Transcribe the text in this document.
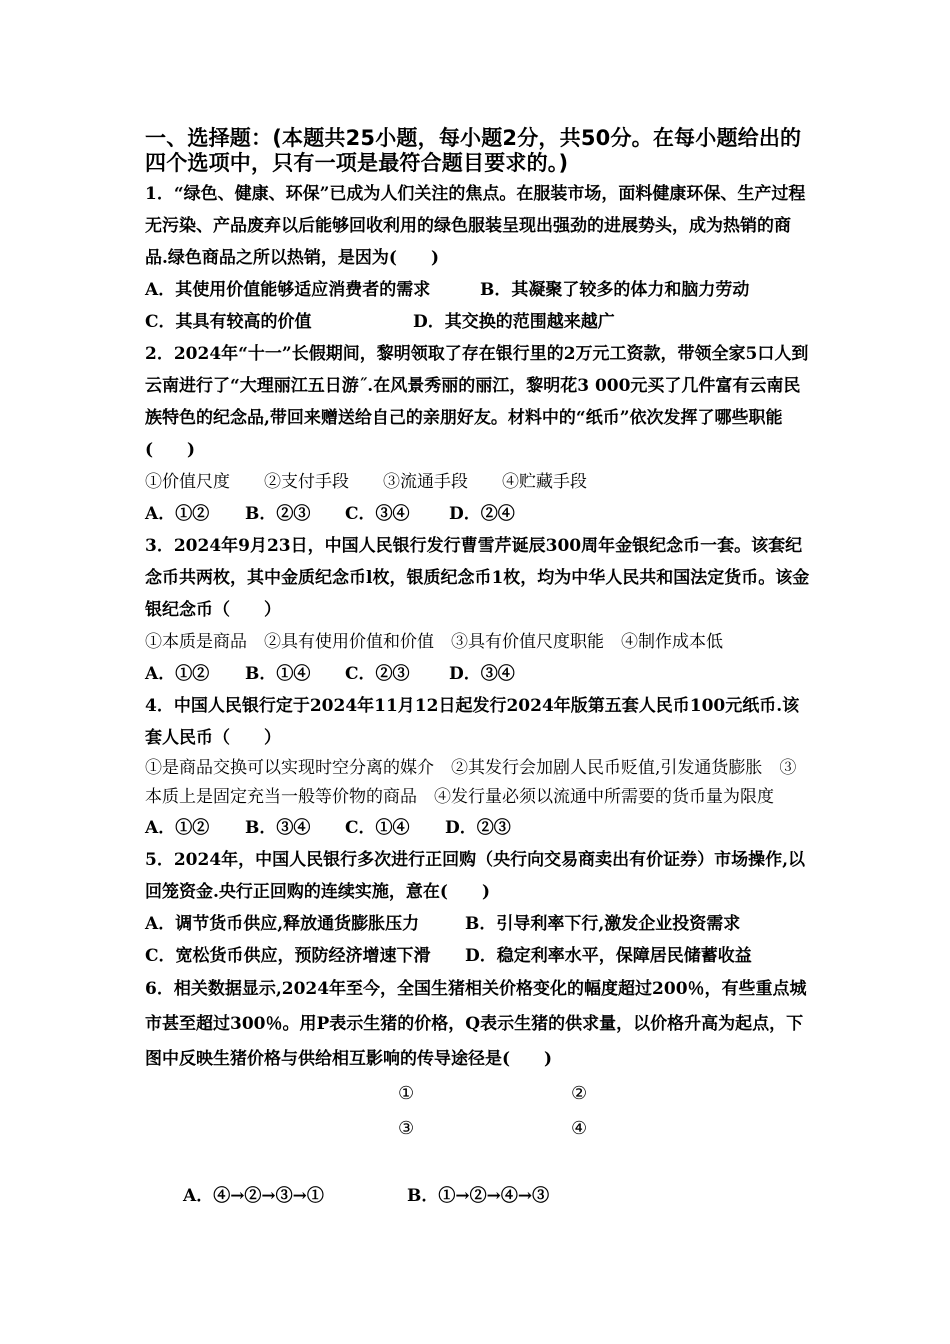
一、选择题：(本题共25小题，每小题2分，共50分。在每小题给出的四个选项中，只有一项是最符合题目要求的。)

1．“绿色、健康、环保”已成为人们关注的焦点。在服装市场，面料健康环保、生产过程无污染、产品废弃以后能够回收利用的绿色服装呈现出强劲的进展势头，成为热销的商品.绿色商品之所以热销，是因为(　　)

A．其使用价值能够适应消费者的需求	B．其凝聚了较多的体力和脑力劳动

C．其具有较高的价值	D．其交换的范围越来越广

2．2024年“十一”长假期间，黎明领取了存在银行里的2万元工资款，带领全家5口人到云南进行了“大理丽江五日游˝.在风景秀丽的丽江，黎明花3 000元买了几件富有云南民族特色的纪念品,带回来赠送给自己的亲朋好友。材料中的“纸币”依次发挥了哪些职能(　　)

①价值尺度　　②支付手段　　③流通手段　　④贮藏手段

A．①② B．②③ C．③④ D．②④

3．2024年9月23日，中国人民银行发行曹雪芹诞辰300周年金银纪念币一套。该套纪念币共两枚，其中金质纪念币l枚，银质纪念币1枚，均为中华人民共和国法定货币。该金银纪念币（　　）

①本质是商品　②具有使用价值和价值　③具有价值尺度职能　④制作成本低

A．①② B．①④ C．②③ D．③④

4．中国人民银行定于2024年11月12日起发行2024年版第五套人民币100元纸币.该套人民币（　　）

①是商品交换可以实现时空分离的媒介　②其发行会加剧人民币贬值,引发通货膨胀　③本质上是固定充当一般等价物的商品　④发行量必须以流通中所需要的货币量为限度

A．①② B．③④ C．①④ D．②③

5．2024年，中国人民银行多次进行正回购（央行向交易商卖出有价证券）市场操作,以回笼资金.央行正回购的连续实施，意在(　　)

A．调节货币供应,释放通货膨胀压力	B．引导利率下行,激发企业投资需求

C．宽松货币供应，预防经济增速下滑 D．稳定利率水平，保障居民储蓄收益

6．相关数据显示,2024年至今，全国生猪相关价格变化的幅度超过200％，有些重点城市甚至超过300％。用P表示生猪的价格，Q表示生猪的供求量，以价格升高为起点，下图中反映生猪价格与供给相互影响的传导途径是(　　)

①	②
③	④
A．④→②→③→①	B．①→②→④→③
